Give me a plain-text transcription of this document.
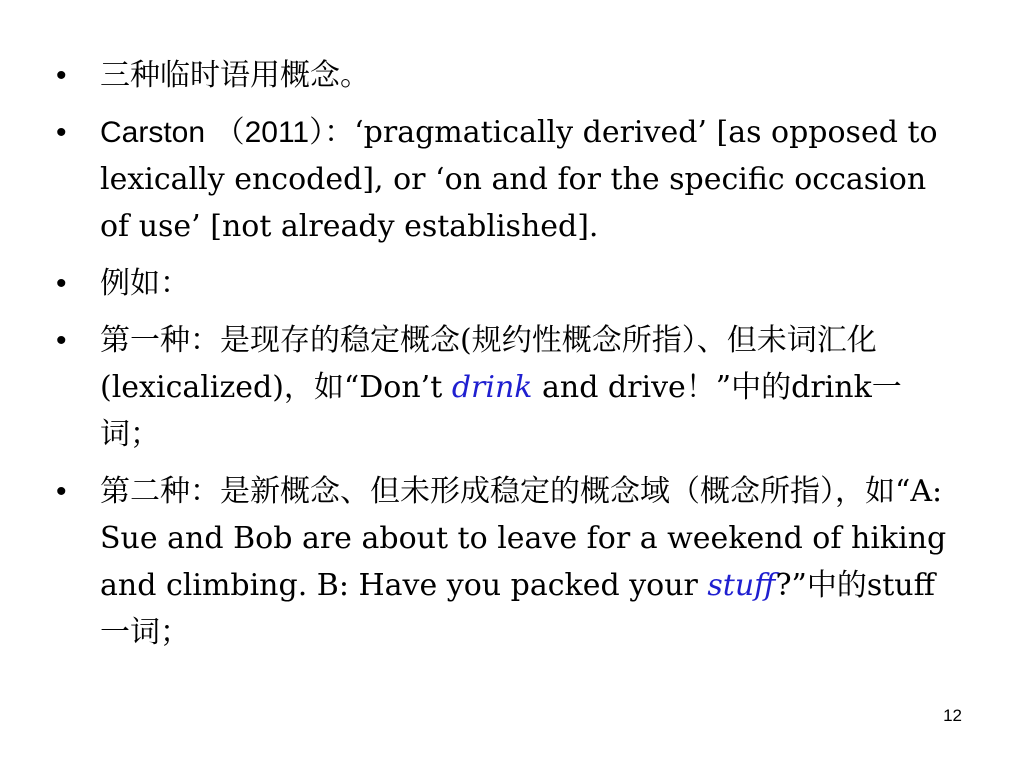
•	三种临时语用概念。
•	Carston （2011）：‘pragmatically derived’ [as opposed to lexically encoded], or ‘on and for the specific occasion of use’ [not already established].
•	例如：
•	第一种：是现存的稳定概念(规约性概念所指）、但未词汇化(lexicalized)，如“Don’t drink and drive！”中的drink一词；
•	第二种：是新概念、但未形成稳定的概念域（概念所指），如“A: Sue and Bob are about to leave for a weekend of hiking and climbing. B: Have you packed your stuff?”中的stuff一词；
12
